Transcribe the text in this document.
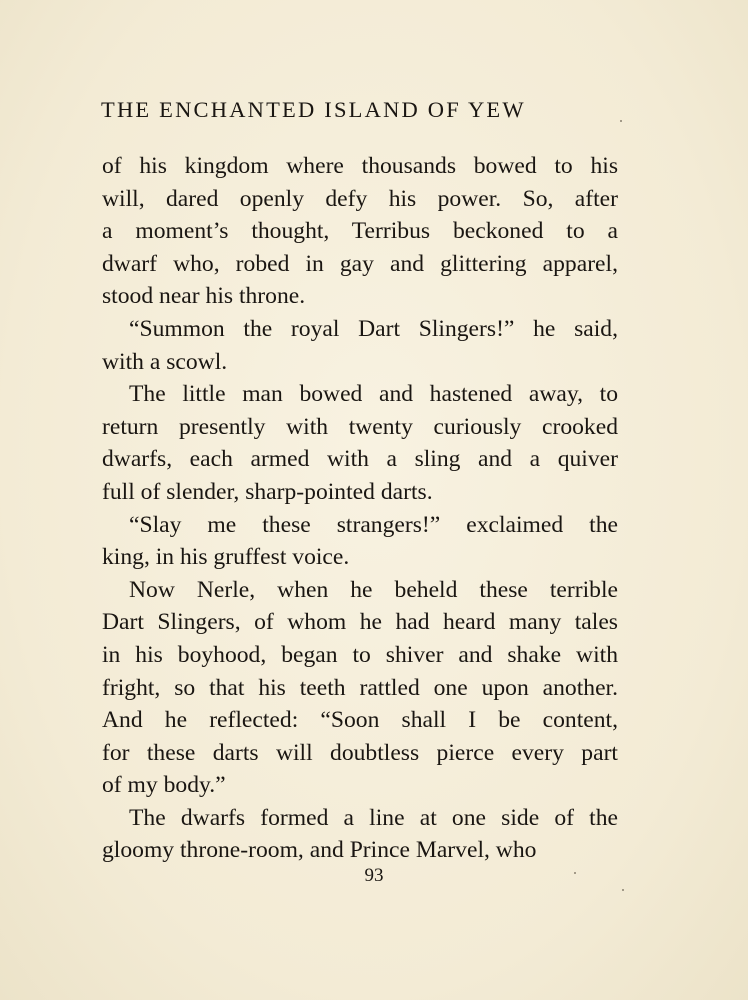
THE ENCHANTED ISLAND OF YEW
of his kingdom where thousands bowed to his
will, dared openly defy his power. So, after
a moment’s thought, Terribus beckoned to a
dwarf who, robed in gay and glittering apparel,
stood near his throne.
“Summon the royal Dart Slingers!” he said,
with a scowl.
The little man bowed and hastened away, to
return presently with twenty curiously crooked
dwarfs, each armed with a sling and a quiver
full of slender, sharp-pointed darts.
“Slay me these strangers!” exclaimed the
king, in his gruffest voice.
Now Nerle, when he beheld these terrible
Dart Slingers, of whom he had heard many tales
in his boyhood, began to shiver and shake with
fright, so that his teeth rattled one upon another.
And he reflected: “Soon shall I be content,
for these darts will doubtless pierce every part
of my body.”
The dwarfs formed a line at one side of the
gloomy throne-room, and Prince Marvel, who
93
